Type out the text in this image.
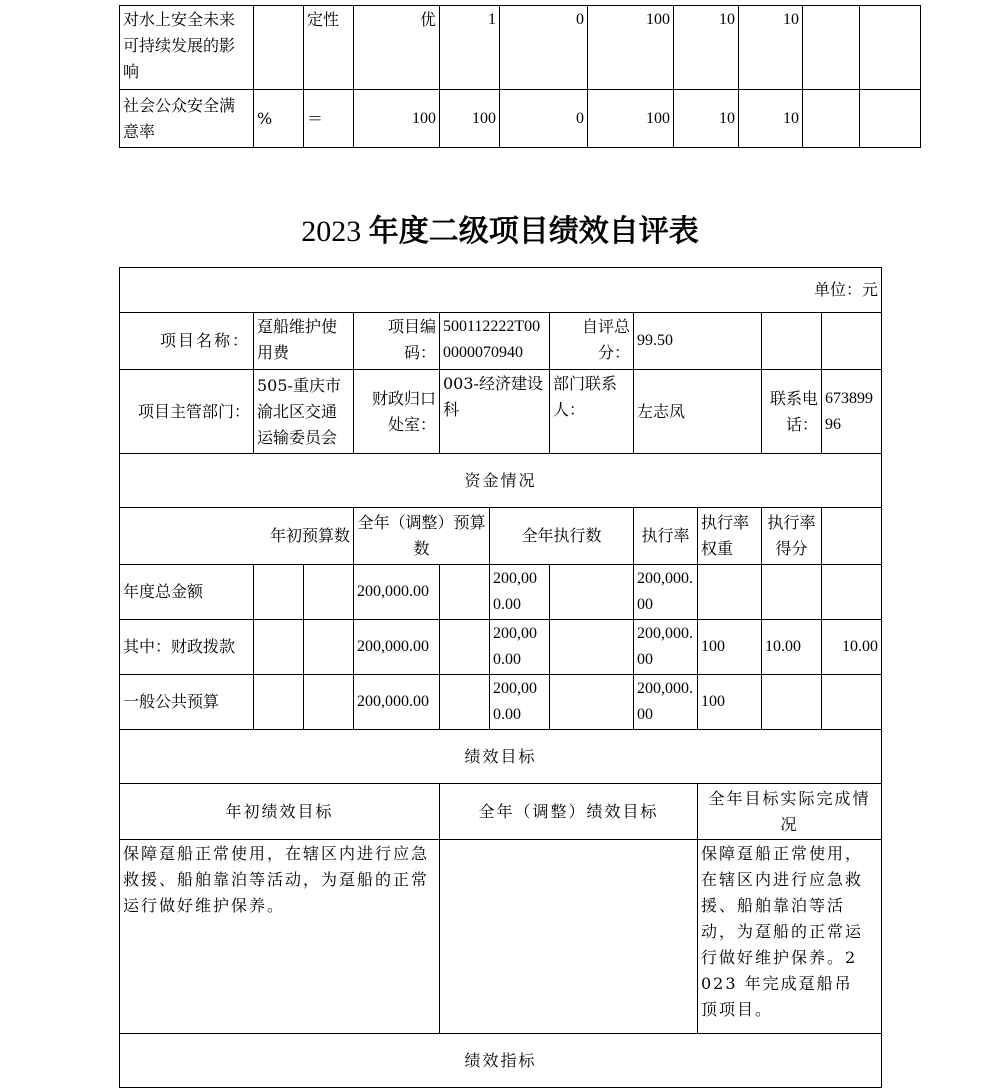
对水上安全未来可持续发展的影响		定性	优	1	0	100	10	10		
社会公众安全满意率	%	＝	100	100	0	100	10	10		
2023 年度二级项目绩效自评表
单位：元										
项目名称：	趸船维护使用费		项目编码：	500112222T000000070940		自评总分：	99.50			
项目主管部门：	505-重庆市渝北区交通运输委员会		财政归口处室：	003-经济建设科		部门联系人：	左志凤		联系电话：	67389996
资金情况										
年初预算数			全年（调整）预算数		全年执行数		执行率	执行率权重	执行率得分	
年度总金额			200,000.00		200,000.00		200,000.00			
其中：财政拨款			200,000.00		200,000.00		200,000.00	100	10.00	10.00
一般公共预算			200,000.00		200,000.00		200,000.00	100		
绩效目标										
年初绩效目标				全年（调整）绩效目标				全年目标实际完成情况		
保障趸船正常使用，在辖区内进行应急救援、船舶靠泊等活动，为趸船的正常运行做好维护保养。								保障趸船正常使用，在辖区内进行应急救援、船舶靠泊等活动，为趸船的正常运行做好维护保养。2023 年完成趸船吊顶项目。		
绩效指标										
